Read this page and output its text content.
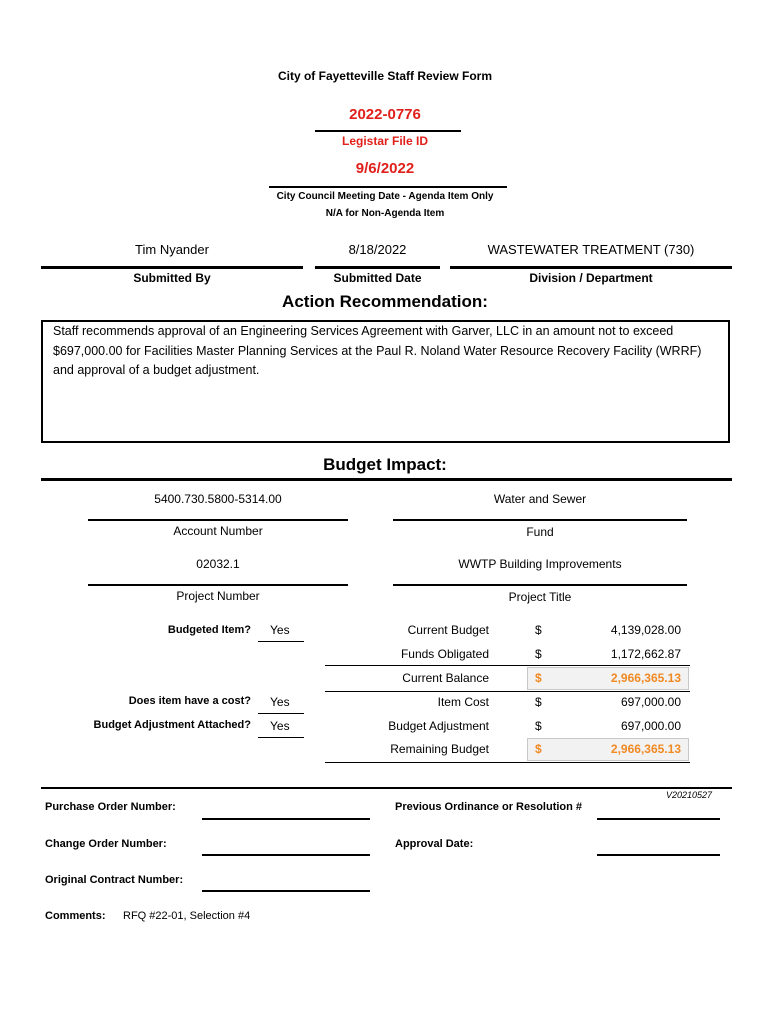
City of Fayetteville Staff Review Form
2022-0776
Legistar File ID
9/6/2022
City Council Meeting Date - Agenda Item Only
N/A for Non-Agenda Item
Tim Nyander
Submitted By
8/18/2022
Submitted Date
WASTEWATER TREATMENT (730)
Division / Department
Action Recommendation:
Staff recommends approval of an Engineering Services Agreement with Garver, LLC in an amount not to exceed
$697,000.00 for Facilities Master Planning Services at the Paul R. Noland Water Resource Recovery Facility (WRRF)
and approval of a budget adjustment.
Budget Impact:
5400.730.5800-5314.00
Account Number
Water and Sewer
Fund
02032.1
Project Number
WWTP Building Improvements
Project Title
Budgeted Item? Yes
Does item have a cost? Yes
Budget Adjustment Attached? Yes
Current Budget	$	4,139,028.00
Funds Obligated	$	1,172,662.87
Current Balance	$	2,966,365.13
Item Cost	$	697,000.00
Budget Adjustment	$	697,000.00
Remaining Budget	$	2,966,365.13
V20210527
Purchase Order Number:	Previous Ordinance or Resolution #
Change Order Number:	Approval Date:
Original Contract Number:
Comments: RFQ #22-01, Selection #4
